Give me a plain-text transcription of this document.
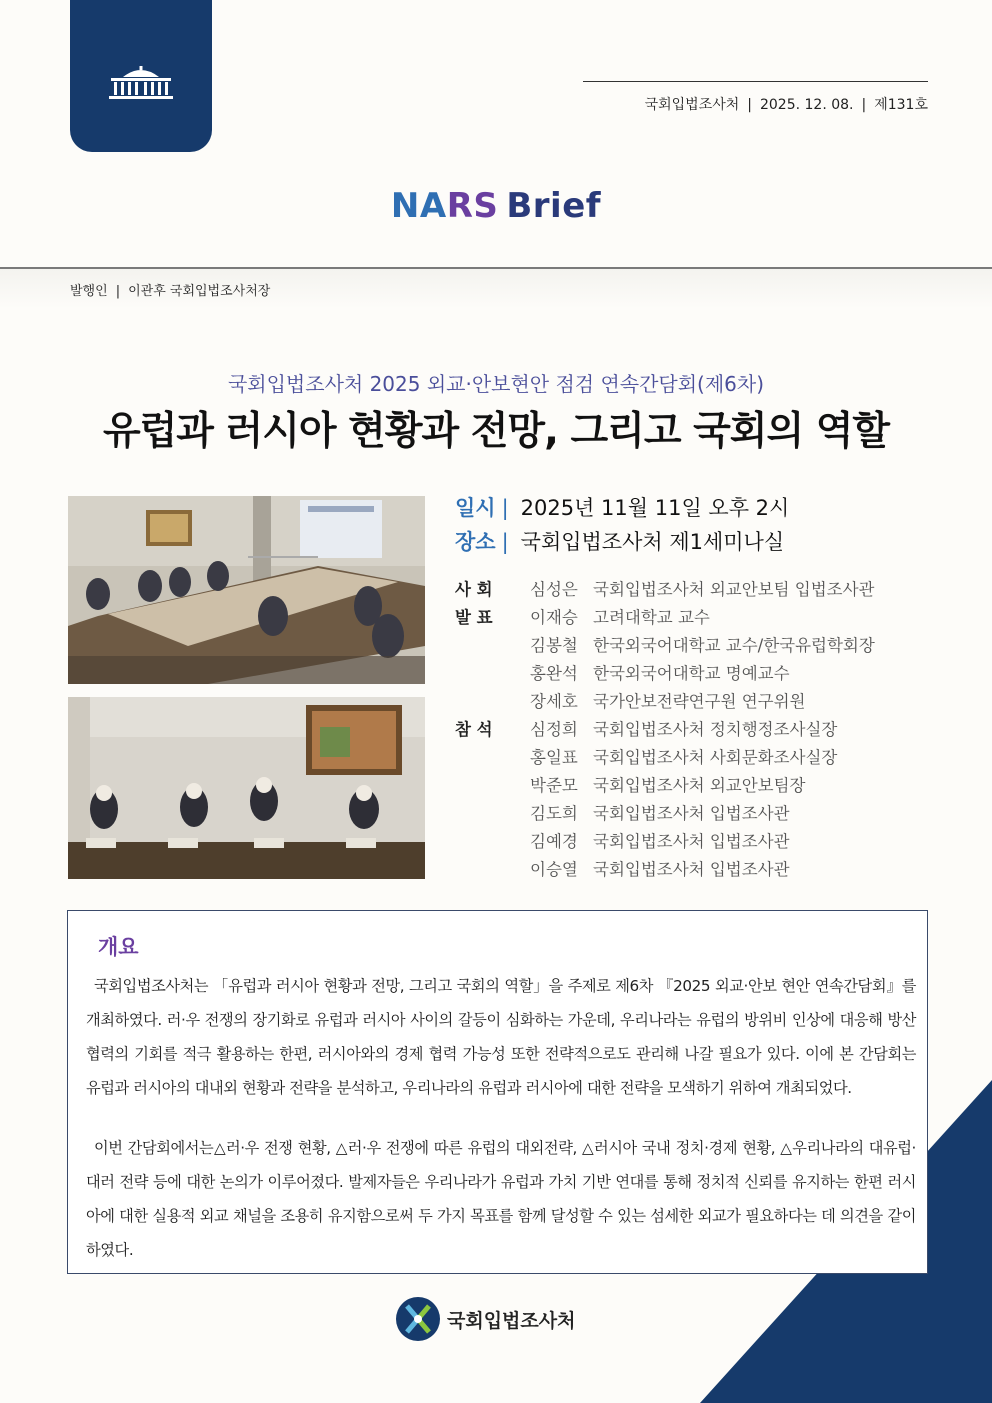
국회입법조사처 | 2025. 12. 08. | 제131호
NARS Brief
발행인 | 이관후 국회입법조사처장
국회입법조사처 2025 외교·안보현안 점검 연속간담회(제6차)
유럽과 러시아 현황과 전망, 그리고 국회의 역할
일시 | 2025년 11월 11일 오후 2시
장소 | 국회입법조사처 제1세미나실
사 회	심성은 국회입법조사처 외교안보팀 입법조사관
발 표	이재승 고려대학교 교수
김봉철 한국외국어대학교 교수/한국유럽학회장
홍완석 한국외국어대학교 명예교수
장세호 국가안보전략연구원 연구위원
참 석	심정희 국회입법조사처 정치행정조사실장
홍일표 국회입법조사처 사회문화조사실장
박준모 국회입법조사처 외교안보팀장
김도희 국회입법조사처 입법조사관
김예경 국회입법조사처 입법조사관
이승열 국회입법조사처 입법조사관
개요

국회입법조사처는 「유럽과 러시아 현황과 전망, 그리고 국회의 역할」을 주제로 제6차 『2025 외교·안보 현안 연속간담회』를 개최하였다. 러·우 전쟁의 장기화로 유럽과 러시아 사이의 갈등이 심화하는 가운데, 우리나라는 유럽의 방위비 인상에 대응해 방산 협력의 기회를 적극 활용하는 한편, 러시아와의 경제 협력 가능성 또한 전략적으로도 관리해 나갈 필요가 있다. 이에 본 간담회는 유럽과 러시아의 대내외 현황과 전략을 분석하고, 우리나라의 유럽과 러시아에 대한 전략을 모색하기 위하여 개최되었다.

이번 간담회에서는△러·우 전쟁 현황, △러·우 전쟁에 따른 유럽의 대외전략, △러시아 국내 정치·경제 현황, △우리나라의 대유럽·대러 전략 등에 대한 논의가 이루어졌다. 발제자들은 우리나라가 유럽과 가치 기반 연대를 통해 정치적 신뢰를 유지하는 한편 러시아에 대한 실용적 외교 채널을 조용히 유지함으로써 두 가지 목표를 함께 달성할 수 있는 섬세한 외교가 필요하다는 데 의견을 같이하였다.

국회입법조사처
